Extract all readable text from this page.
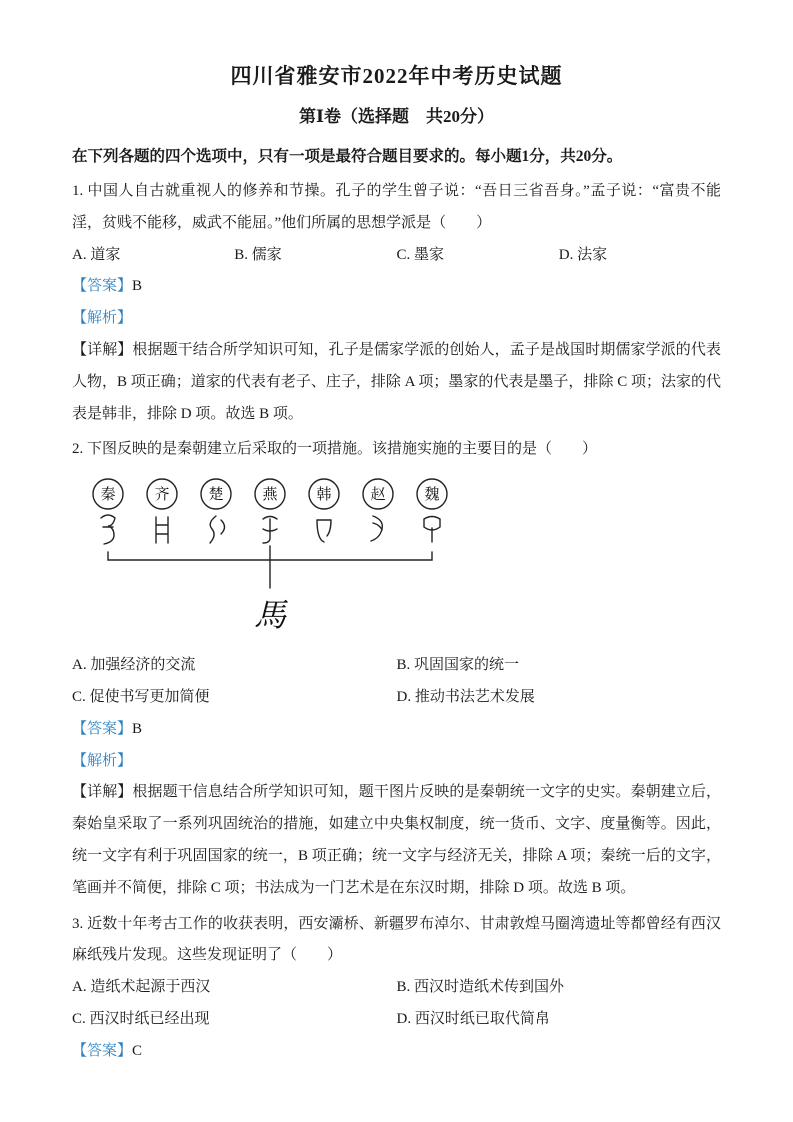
四川省雅安市2022年中考历史试题
第Ⅰ卷（选择题　共20分）

在下列各题的四个选项中，只有一项是最符合题目要求的。每小题1分，共20分。

1. 中国人自古就重视人的修养和节操。孔子的学生曾子说：“吾日三省吾身。”孟子说：“富贵不能淫，贫贱不能移，威武不能屈。”他们所属的思想学派是（　　）

A. 道家	B. 儒家	C. 墨家	D. 法家

【答案】B

【解析】

【详解】根据题干结合所学知识可知，孔子是儒家学派的创始人，孟子是战国时期儒家学派的代表人物，B 项正确；道家的代表有老子、庄子，排除 A 项；墨家的代表是墨子，排除 C 项；法家的代表是韩非，排除 D 项。故选 B 项。

2. 下图反映的是秦朝建立后采取的一项措施。该措施实施的主要目的是（　　）

秦	齐	楚	燕	韩	赵	魏
馬
A. 加强经济的交流	B. 巩固国家的统一
C. 促使书写更加简便	D. 推动书法艺术发展

【答案】B

【解析】

【详解】根据题干信息结合所学知识可知，题干图片反映的是秦朝统一文字的史实。秦朝建立后，秦始皇采取了一系列巩固统治的措施，如建立中央集权制度，统一货币、文字、度量衡等。因此，统一文字有利于巩固国家的统一，B 项正确；统一文字与经济无关，排除 A 项；秦统一后的文字，笔画并不简便，排除 C 项；书法成为一门艺术是在东汉时期，排除 D 项。故选 B 项。

3. 近数十年考古工作的收获表明，西安灞桥、新疆罗布淖尔、甘肃敦煌马圈湾遗址等都曾经有西汉麻纸残片发现。这些发现证明了（　　）

A. 造纸术起源于西汉	B. 西汉时造纸术传到国外
C. 西汉时纸已经出现	D. 西汉时纸已取代简帛

【答案】C
